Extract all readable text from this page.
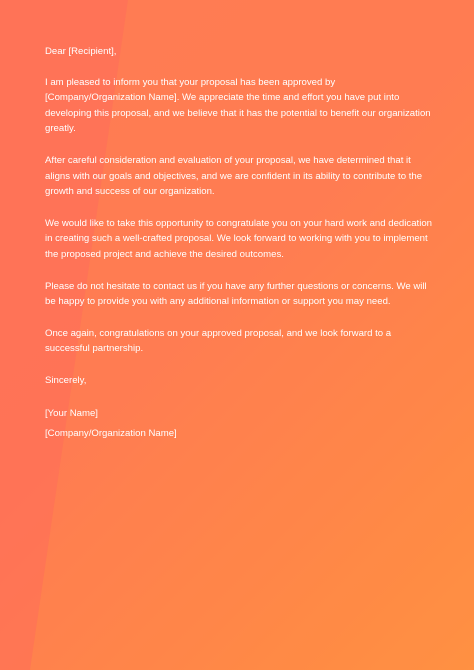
Dear [Recipient],

I am pleased to inform you that your proposal has been approved by [Company/Organization Name]. We appreciate the time and effort you have put into developing this proposal, and we believe that it has the potential to benefit our organization greatly.

After careful consideration and evaluation of your proposal, we have determined that it aligns with our goals and objectives, and we are confident in its ability to contribute to the growth and success of our organization.

We would like to take this opportunity to congratulate you on your hard work and dedication in creating such a well-crafted proposal. We look forward to working with you to implement the proposed project and achieve the desired outcomes.

Please do not hesitate to contact us if you have any further questions or concerns. We will be happy to provide you with any additional information or support you may need.

Once again, congratulations on your approved proposal, and we look forward to a successful partnership.

Sincerely,

[Your Name]

[Company/Organization Name]
